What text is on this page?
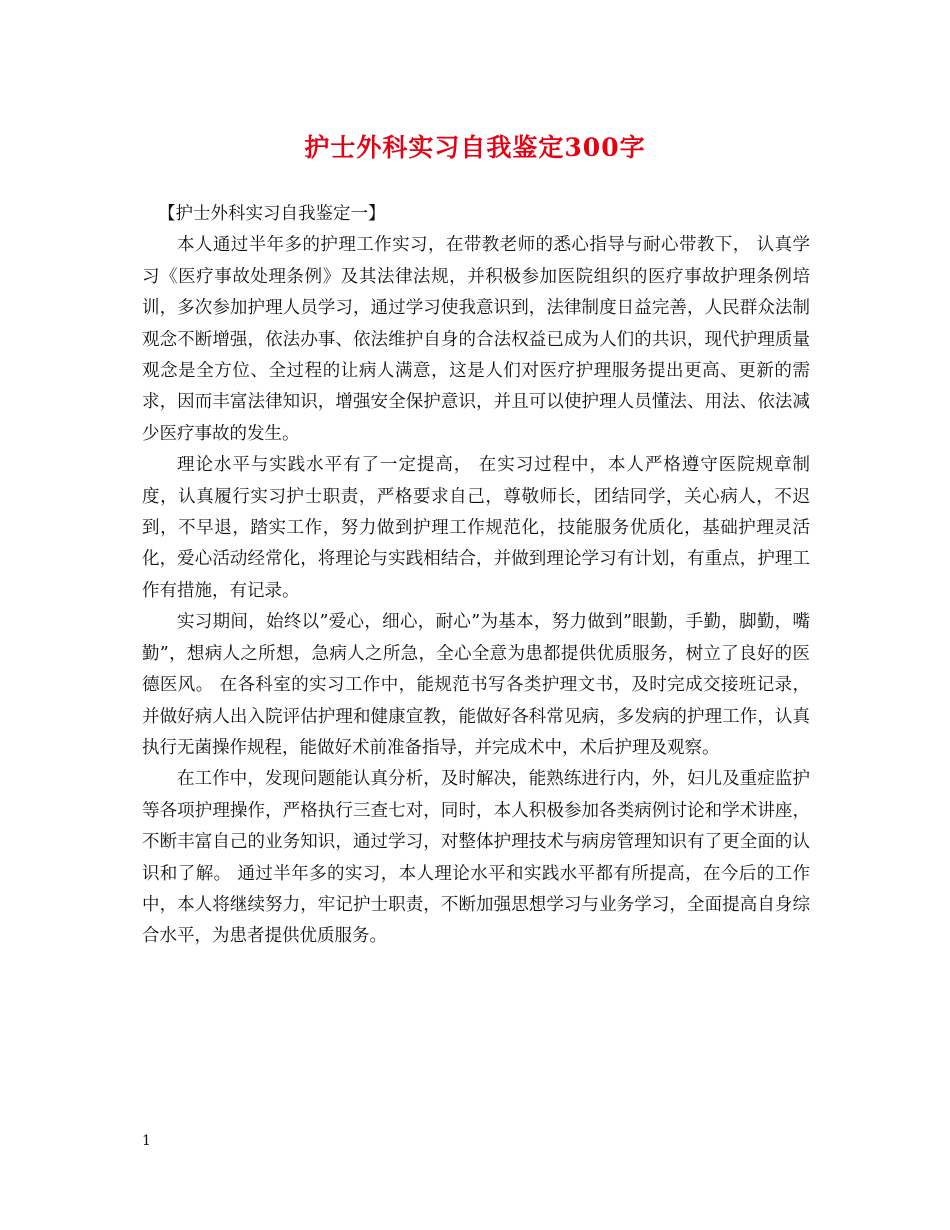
护士外科实习自我鉴定300字

【护士外科实习自我鉴定一】

本人通过半年多的护理工作实习，在带教老师的悉心指导与耐心带教下， 认真学习《医疗事故处理条例》及其法律法规，并积极参加医院组织的医疗事故护理条例培训，多次参加护理人员学习，通过学习使我意识到，法律制度日益完善，人民群众法制观念不断增强，依法办事、依法维护自身的合法权益已成为人们的共识，现代护理质量观念是全方位、全过程的让病人满意，这是人们对医疗护理服务提出更高、更新的需求，因而丰富法律知识，增强安全保护意识，并且可以使护理人员懂法、用法、依法减少医疗事故的发生。

理论水平与实践水平有了一定提高， 在实习过程中，本人严格遵守医院规章制度，认真履行实习护士职责，严格要求自己，尊敬师长，团结同学，关心病人，不迟到，不早退，踏实工作，努力做到护理工作规范化，技能服务优质化，基础护理灵活化，爱心活动经常化，将理论与实践相结合，并做到理论学习有计划，有重点，护理工作有措施，有记录。

实习期间，始终以”爱心，细心，耐心”为基本，努力做到”眼勤，手勤，脚勤，嘴勤”，想病人之所想，急病人之所急，全心全意为患都提供优质服务，树立了良好的医德医风。 在各科室的实习工作中，能规范书写各类护理文书，及时完成交接班记录，并做好病人出入院评估护理和健康宣教，能做好各科常见病，多发病的护理工作，认真执行无菌操作规程，能做好术前准备指导，并完成术中，术后护理及观察。

在工作中，发现问题能认真分析，及时解决，能熟练进行内，外，妇儿及重症监护等各项护理操作，严格执行三查七对，同时，本人积极参加各类病例讨论和学术讲座，不断丰富自己的业务知识，通过学习，对整体护理技术与病房管理知识有了更全面的认识和了解。 通过半年多的实习，本人理论水平和实践水平都有所提高，在今后的工作中，本人将继续努力，牢记护士职责，不断加强思想学习与业务学习，全面提高自身综合水平，为患者提供优质服务。

1
